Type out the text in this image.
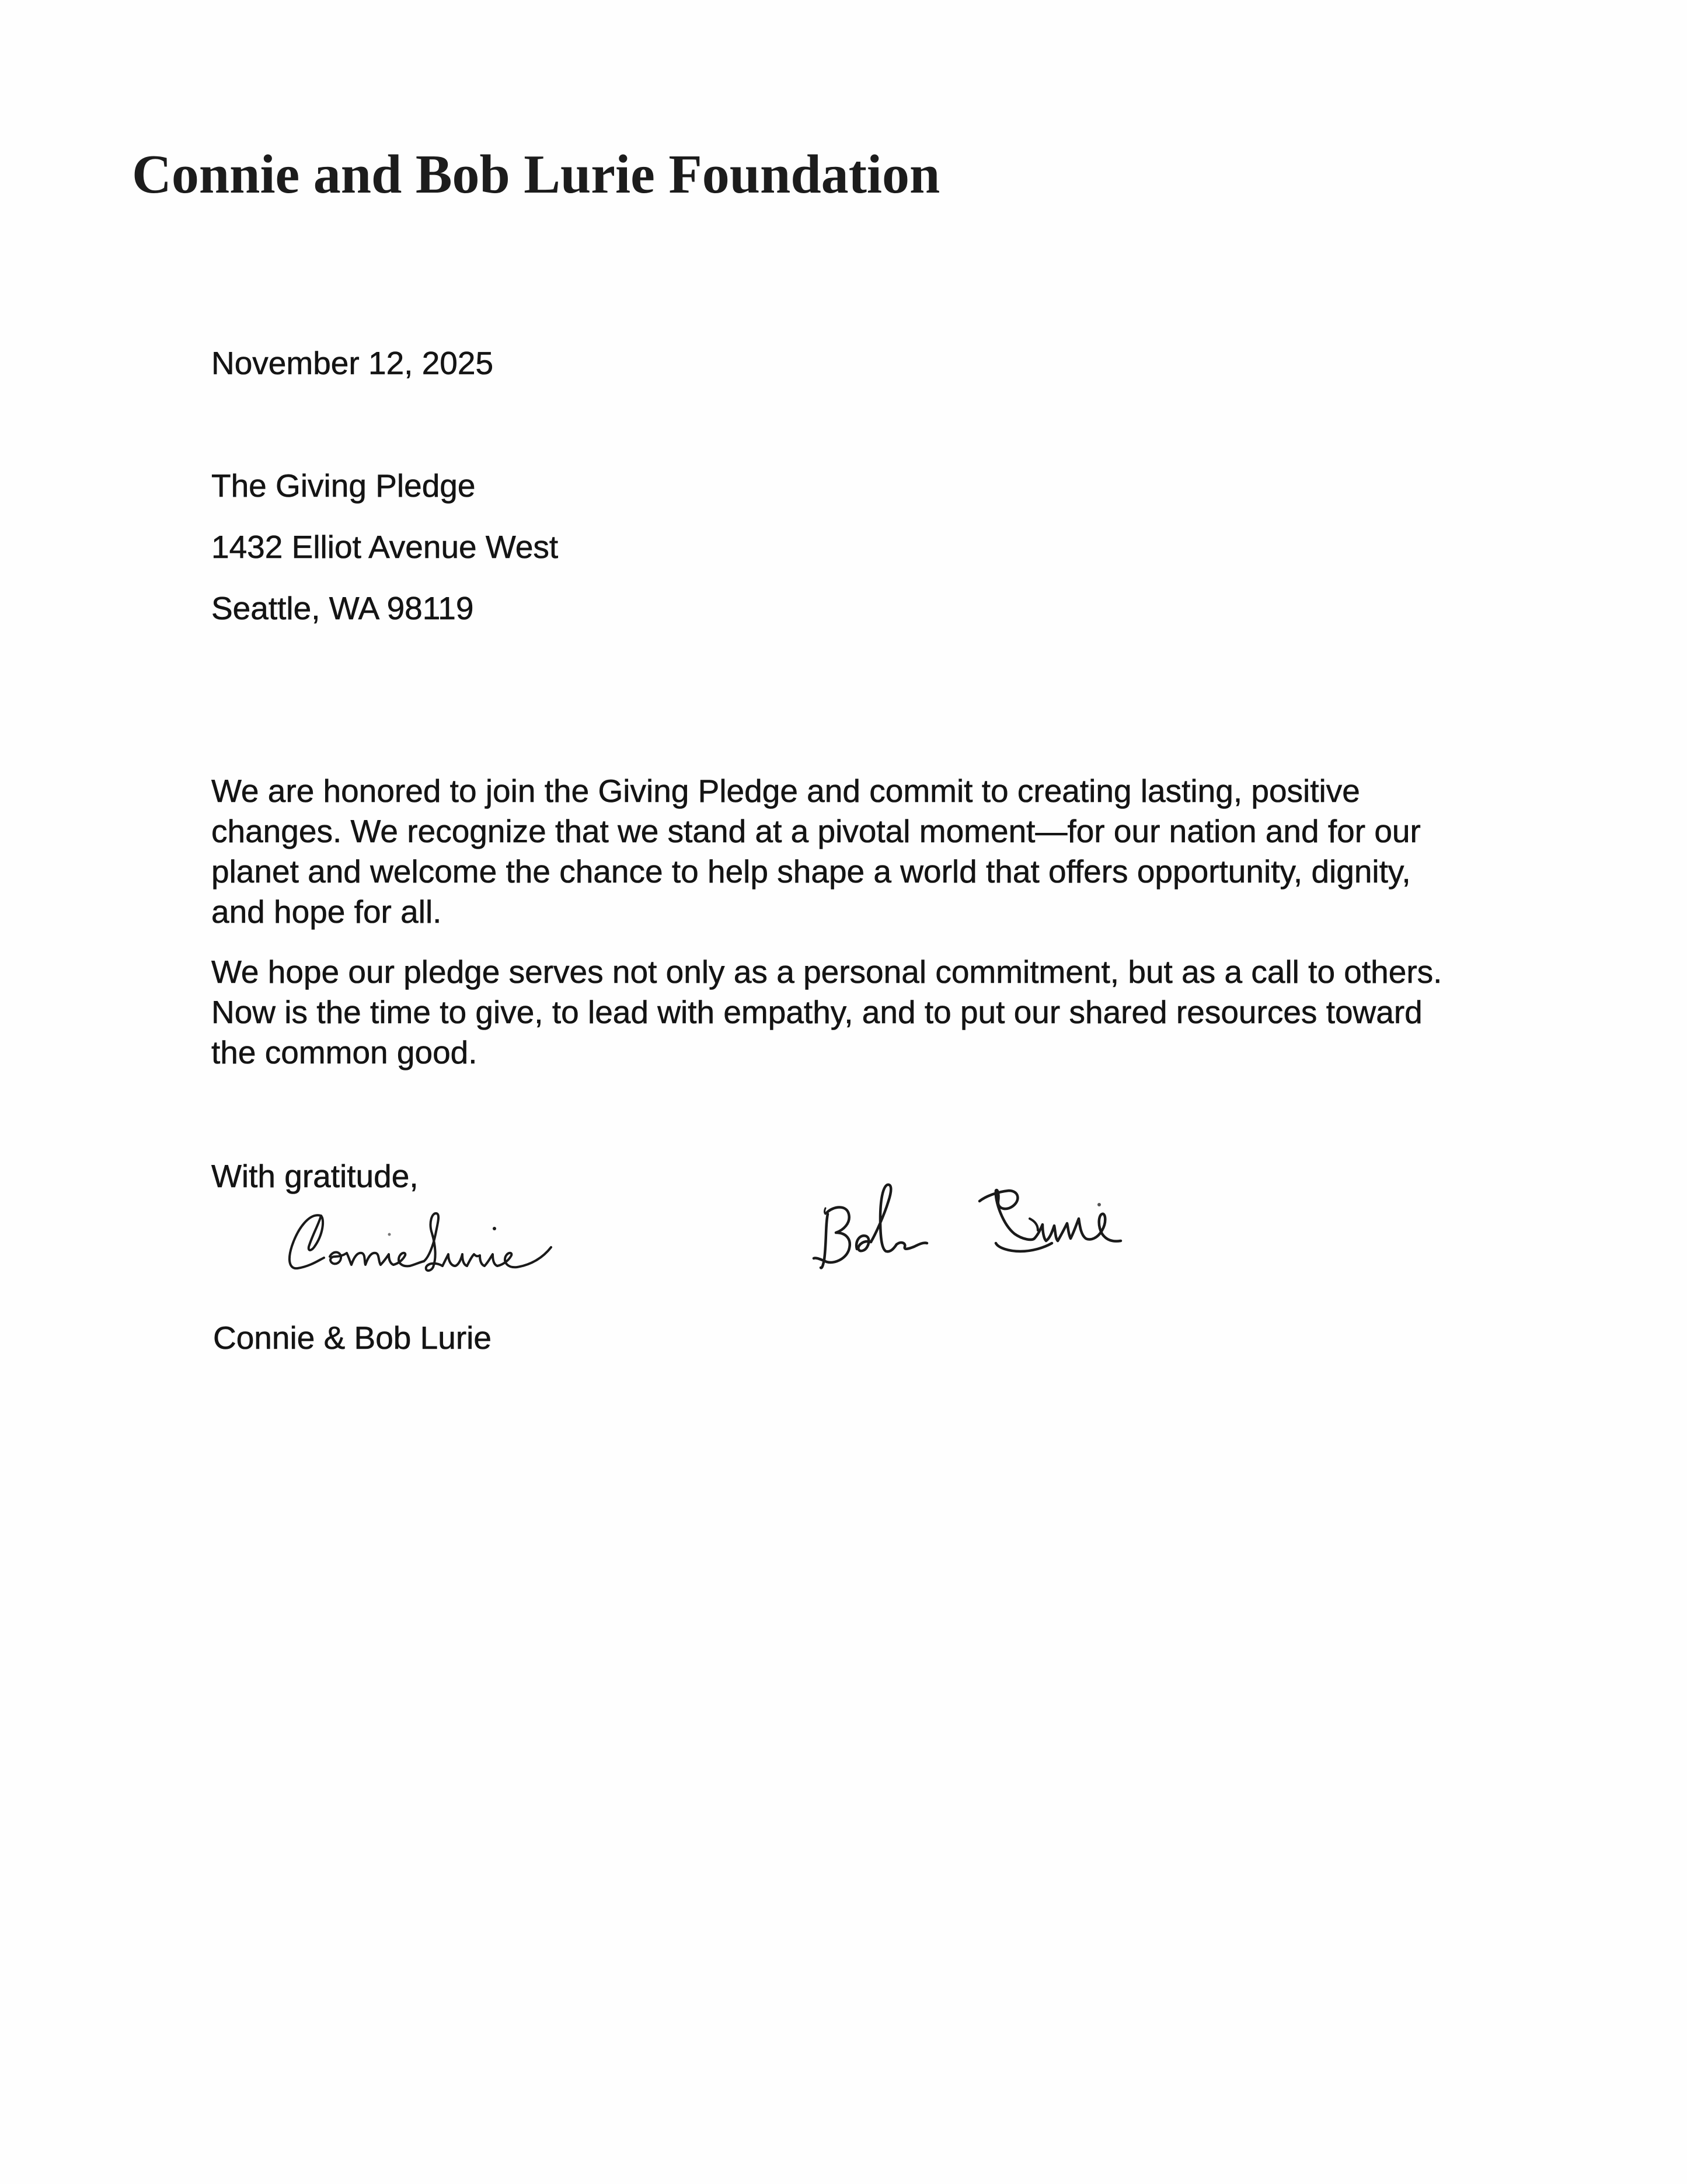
Connie and Bob Lurie Foundation
November 12, 2025
The Giving Pledge
1432 Elliot Avenue West
Seattle, WA 98119
We are honored to join the Giving Pledge and commit to creating lasting, positive
changes. We recognize that we stand at a pivotal moment—for our nation and for our
planet and welcome the chance to help shape a world that offers opportunity, dignity,
and hope for all.
We hope our pledge serves not only as a personal commitment, but as a call to others.
Now is the time to give, to lead with empathy, and to put our shared resources toward
the common good.
With gratitude,
Connie & Bob Lurie
